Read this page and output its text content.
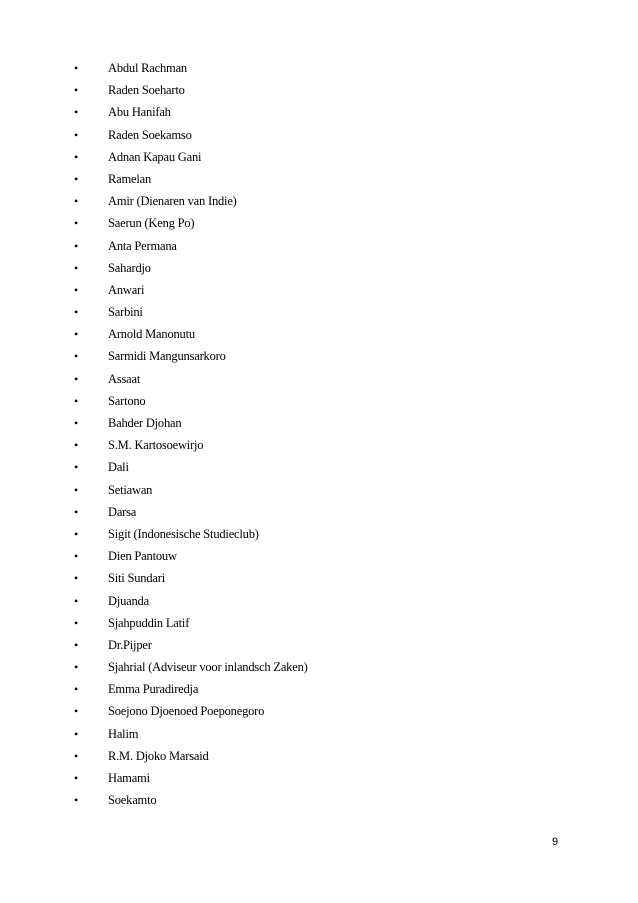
• Abdul Rachman
• Raden Soeharto
• Abu Hanifah
• Raden Soekamso
• Adnan Kapau Gani
• Ramelan
• Amir (Dienaren van Indie)
• Saerun (Keng Po)
• Anta Permana
• Sahardjo
• Anwari
• Sarbini
• Arnold Manonutu
• Sarmidi Mangunsarkoro
• Assaat
• Sartono
• Bahder Djohan
• S.M. Kartosoewirjo
• Dali
• Setiawan
• Darsa
• Sigit (Indonesische Studieclub)
• Dien Pantouw
• Siti Sundari
• Djuanda
• Sjahpuddin Latif
• Dr.Pijper
• Sjahrial (Adviseur voor inlandsch Zaken)
• Emma Puradiredja
• Soejono Djoenoed Poeponegoro
• Halim
• R.M. Djoko Marsaid
• Hamami
• Soekamto
9
